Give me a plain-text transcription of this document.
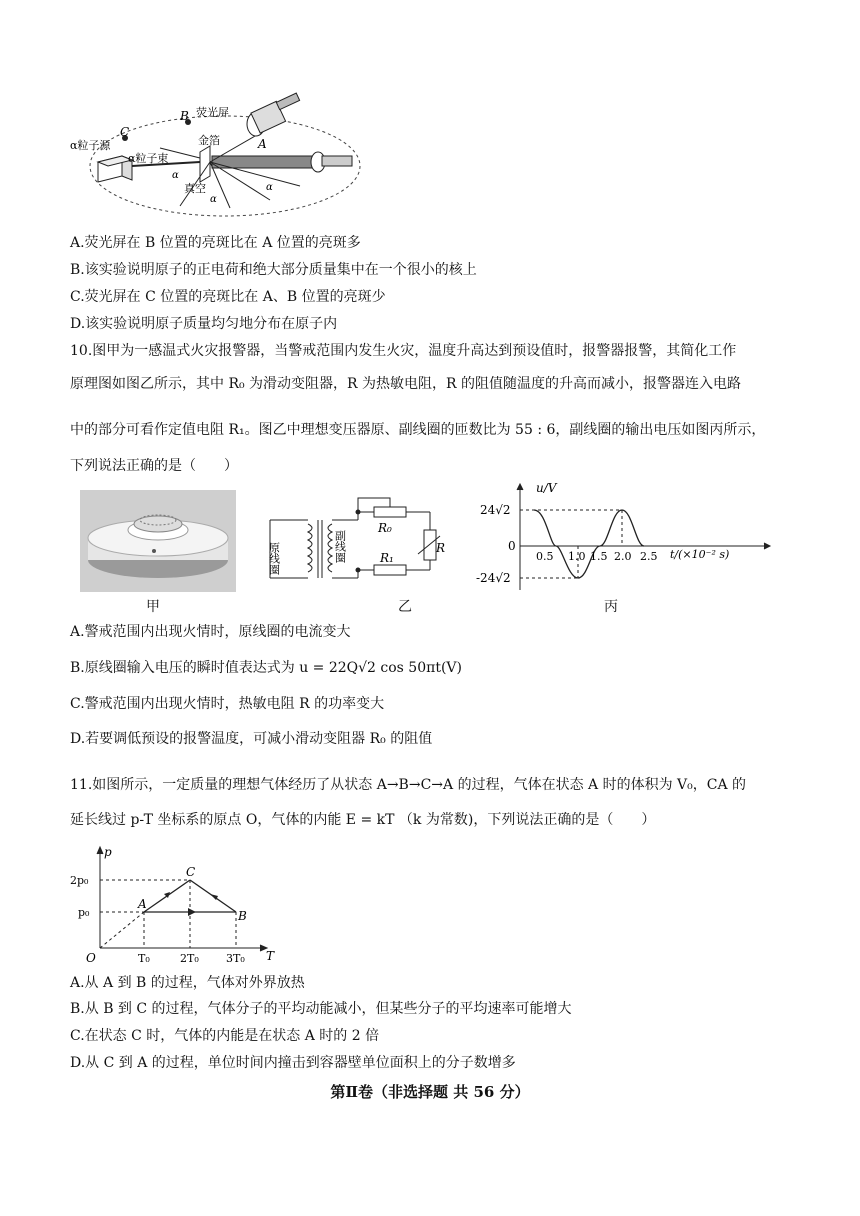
α粒子源
α粒子束
荧光屏
金箔
真空
C
B
A
α
α
α
A.荧光屏在 B 位置的亮斑比在 A 位置的亮斑多
B.该实验说明原子的正电荷和绝大部分质量集中在一个很小的核上
C.荧光屏在 C 位置的亮斑比在 A、B 位置的亮斑少
D.该实验说明原子质量均匀地分布在原子内
10.图甲为一感温式火灾报警器，当警戒范围内发生火灾，温度升高达到预设值时，报警器报警，其简化工作
原理图如图乙所示，其中 R₀ 为滑动变阻器，R 为热敏电阻，R 的阻值随温度的升高而减小，报警器连入电路
中的部分可看作定值电阻 R₁。图乙中理想变压器原、副线圈的匝数比为 55 : 6，副线圈的输出电压如图丙所示，
下列说法正确的是（　　）
甲
原线圈	副线圈
R₀
R
R₁
乙
u/V
24√2
0
-24√2
0.5 1.0 1.5 2.0 2.5 t/(×10⁻² s)
丙
A.警戒范围内出现火情时，原线圈的电流变大
B.原线圈输入电压的瞬时值表达式为 u = 22Q√2 cos 50πt(V)
C.警戒范围内出现火情时，热敏电阻 R 的功率变大
D.若要调低预设的报警温度，可减小滑动变阻器 R₀ 的阻值
11.如图所示，一定质量的理想气体经历了从状态 A→B→C→A 的过程，气体在状态 A 时的体积为 V₀，CA 的
延长线过 p-T 坐标系的原点 O，气体的内能 E = kT （k 为常数)，下列说法正确的是（　　）
p
2p₀
p₀
O	T₀	2T₀ 3T₀ T
A
B
C
A.从 A 到 B 的过程，气体对外界放热
B.从 B 到 C 的过程，气体分子的平均动能减小，但某些分子的平均速率可能增大
C.在状态 C 时，气体的内能是在状态 A 时的 2 倍
D.从 C 到 A 的过程，单位时间内撞击到容器壁单位面积上的分子数增多
第Ⅱ卷（非选择题 共 56 分）
